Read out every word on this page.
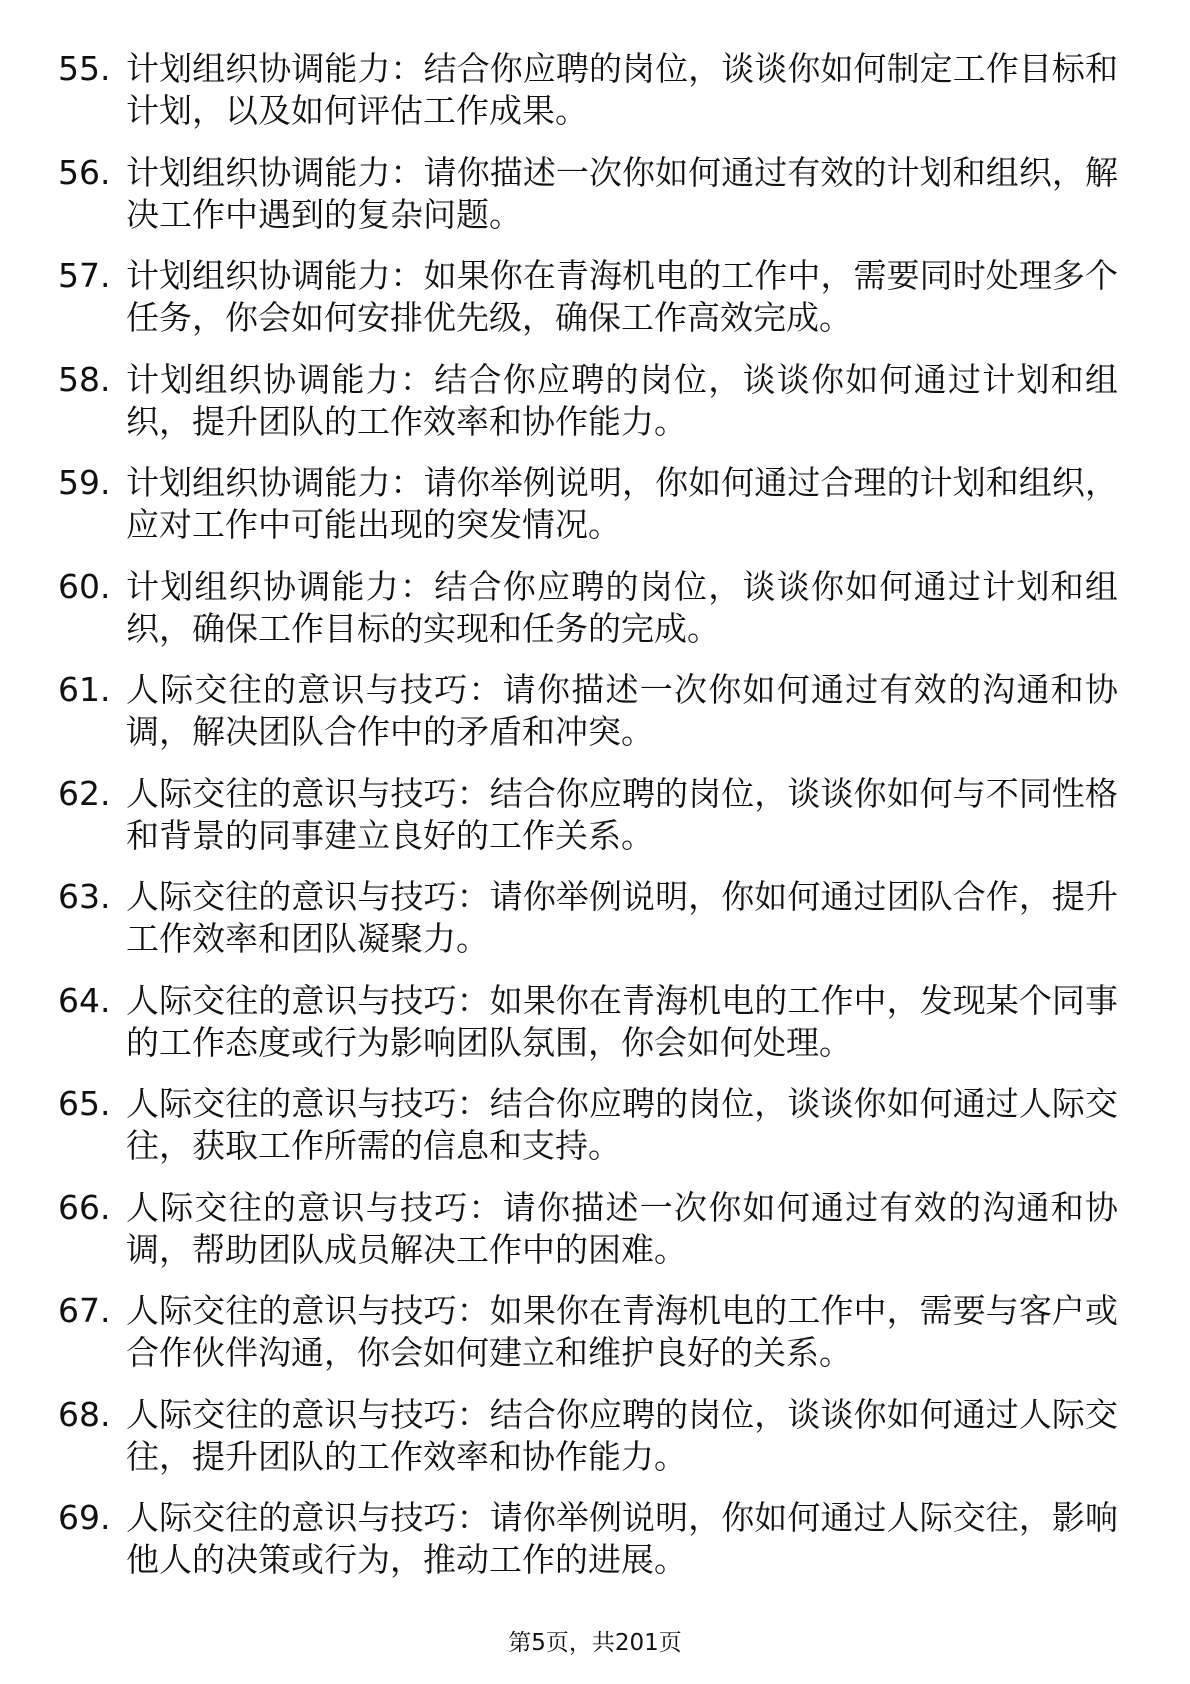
55. 计划组织协调能力：结合你应聘的岗位，谈谈你如何制定工作目标和计划，以及如何评估工作成果。
56. 计划组织协调能力：请你描述一次你如何通过有效的计划和组织，解决工作中遇到的复杂问题。
57. 计划组织协调能力：如果你在青海机电的工作中，需要同时处理多个任务，你会如何安排优先级，确保工作高效完成。
58. 计划组织协调能力：结合你应聘的岗位，谈谈你如何通过计划和组织，提升团队的工作效率和协作能力。
59. 计划组织协调能力：请你举例说明，你如何通过合理的计划和组织，应对工作中可能出现的突发情况。
60. 计划组织协调能力：结合你应聘的岗位，谈谈你如何通过计划和组织，确保工作目标的实现和任务的完成。
61. 人际交往的意识与技巧：请你描述一次你如何通过有效的沟通和协调，解决团队合作中的矛盾和冲突。
62. 人际交往的意识与技巧：结合你应聘的岗位，谈谈你如何与不同性格和背景的同事建立良好的工作关系。
63. 人际交往的意识与技巧：请你举例说明，你如何通过团队合作，提升工作效率和团队凝聚力。
64. 人际交往的意识与技巧：如果你在青海机电的工作中，发现某个同事的工作态度或行为影响团队氛围，你会如何处理。
65. 人际交往的意识与技巧：结合你应聘的岗位，谈谈你如何通过人际交往，获取工作所需的信息和支持。
66. 人际交往的意识与技巧：请你描述一次你如何通过有效的沟通和协调，帮助团队成员解决工作中的困难。
67. 人际交往的意识与技巧：如果你在青海机电的工作中，需要与客户或合作伙伴沟通，你会如何建立和维护良好的关系。
68. 人际交往的意识与技巧：结合你应聘的岗位，谈谈你如何通过人际交往，提升团队的工作效率和协作能力。
69. 人际交往的意识与技巧：请你举例说明，你如何通过人际交往，影响他人的决策或行为，推动工作的进展。
第5页，共201页
